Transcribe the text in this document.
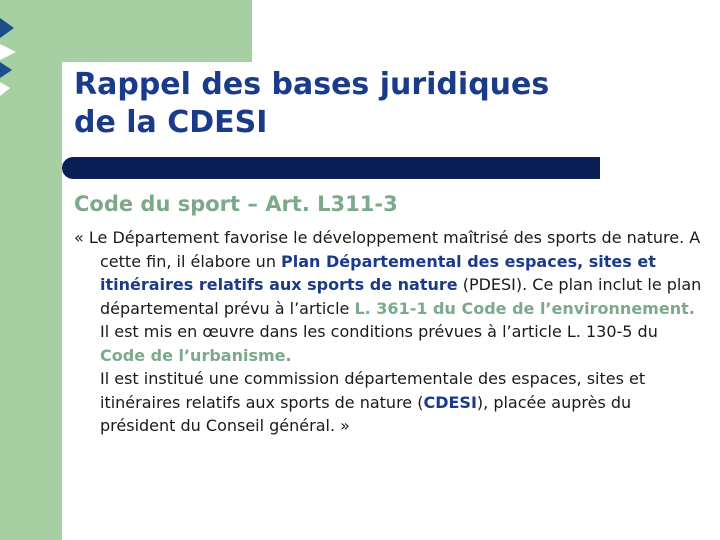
Rappel des bases juridiques
de la CDESI
Code du sport – Art. L311-3
« Le Département favorise le développement maîtrisé des sports de nature. A cette fin, il élabore un Plan Départemental des espaces, sites et itinéraires relatifs aux sports de nature (PDESI). Ce plan inclut le plan départemental prévu à l’article L. 361-1 du Code de l’environnement. Il est mis en œuvre dans les conditions prévues à l’article L. 130-5 du Code de l’urbanisme.
Il est institué une commission départementale des espaces, sites et itinéraires relatifs aux sports de nature (CDESI), placée auprès du président du Conseil général. »
